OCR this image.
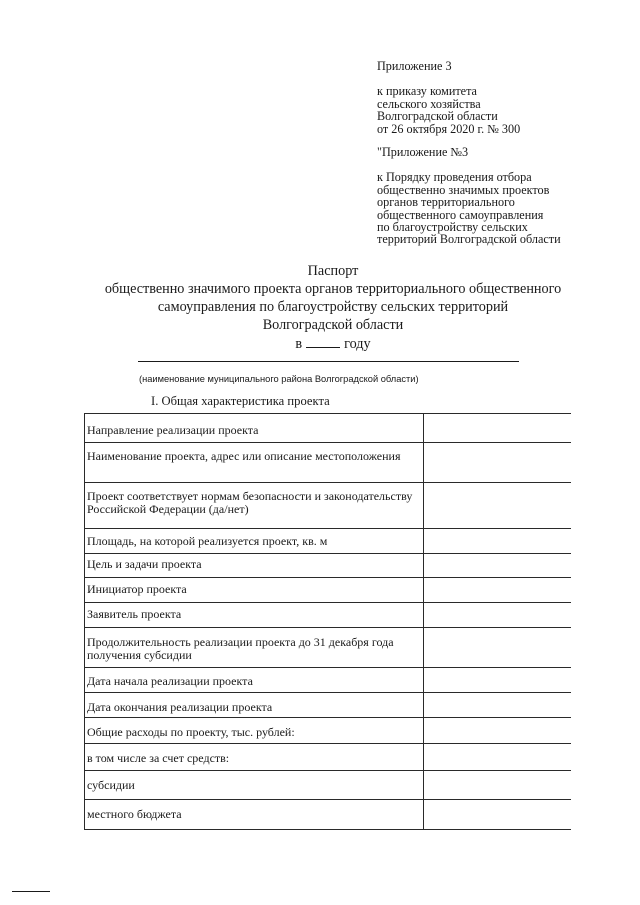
Приложение 3

к приказу комитета

сельского хозяйства

Волгоградской области

от 26 октября 2020 г. № 300

"Приложение №3

к Порядку проведения отбора

общественно значимых проектов

органов территориального

общественного самоуправления

по благоустройству сельских

территорий Волгоградской области

Паспорт
общественно значимого проекта органов территориального общественного
самоуправления по благоустройству сельских территорий
Волгоградской области
в	году
(наименование муниципального района Волгоградской области)
I. Общая характеристика проекта
Направление реализации проекта
Наименование проекта, адрес или описание местоположения
Проект соответствует нормам безопасности и законодательству Российской Федерации (да/нет)
Площадь, на которой реализуется проект, кв. м
Цель и задачи проекта
Инициатор проекта
Заявитель проекта
Продолжительность реализации проекта до 31 декабря года получения субсидии
Дата начала реализации проекта
Дата окончания реализации проекта
Общие расходы по проекту, тыс. рублей:
в том числе за счет средств:
субсидии
местного бюджета
